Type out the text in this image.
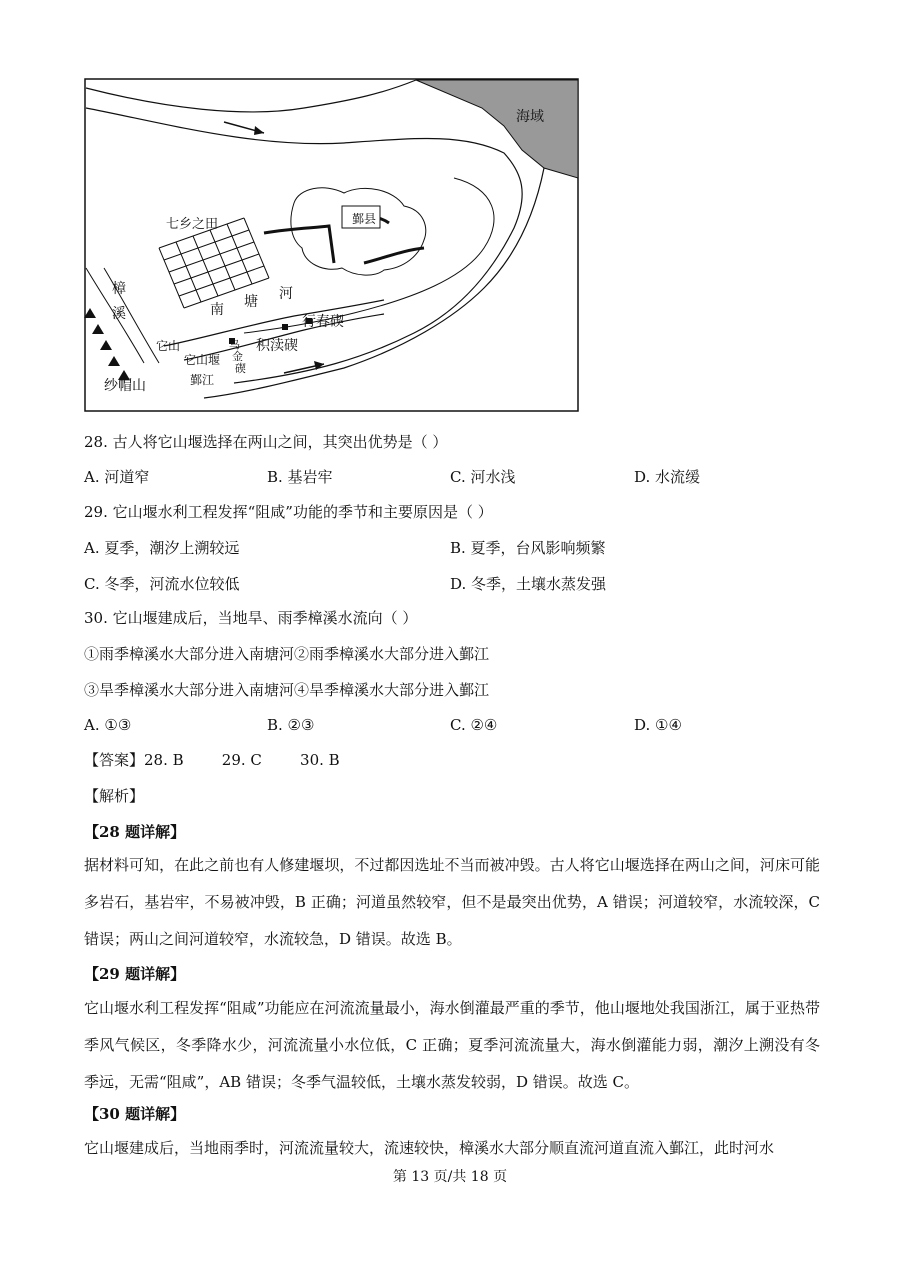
海域
七乡之田	鄞县
樟
溪	南 塘 河
行春碶
积渎碶
乌
金
碶
它山
它山堰
鄞江
纱帽山
28. 古人将它山堰选择在两山之间，其突出优势是（ ）
A. 河道窄	B. 基岩牢	C. 河水浅	D. 水流缓
29. 它山堰水利工程发挥“阻咸”功能的季节和主要原因是（ ）
A. 夏季，潮汐上溯较远	B. 夏季，台风影响频繁
C. 冬季，河流水位较低	D. 冬季，土壤水蒸发强
30. 它山堰建成后，当地旱、雨季樟溪水流向（ ）
①雨季樟溪水大部分进入南塘河②雨季樟溪水大部分进入鄞江
③旱季樟溪水大部分进入南塘河④旱季樟溪水大部分进入鄞江
A. ①③	B. ②③	C. ②④	D. ①④
【答案】28. B        29. C        30. B
【解析】
【28 题详解】
据材料可知，在此之前也有人修建堰坝，不过都因选址不当而被冲毁。古人将它山堰选择在两山之间，河床可能多岩石，基岩牢，不易被冲毁，B 正确；河道虽然较窄，但不是最突出优势，A 错误；河道较窄，水流较深，C 错误；两山之间河道较窄，水流较急，D 错误。故选 B。
【29 题详解】
它山堰水利工程发挥“阻咸”功能应在河流流量最小，海水倒灌最严重的季节，他山堰地处我国浙江，属于亚热带季风气候区，冬季降水少，河流流量小水位低，C 正确；夏季河流流量大，海水倒灌能力弱，潮汐上溯没有冬季远，无需“阻咸”，AB 错误；冬季气温较低，土壤水蒸发较弱，D 错误。故选 C。
【30 题详解】
它山堰建成后，当地雨季时，河流流量较大，流速较快，樟溪水大部分顺直流河道直流入鄞江，此时河水
第 13 页/共 18 页
